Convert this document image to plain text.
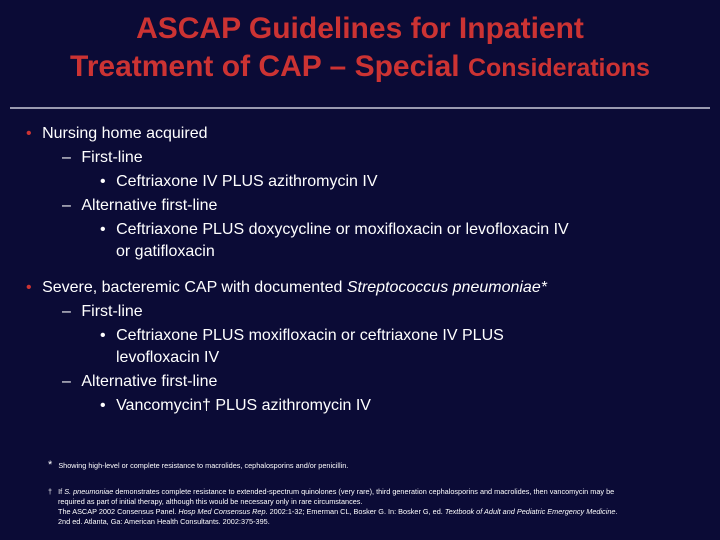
ASCAP Guidelines for Inpatient
Treatment of CAP – Special Considerations
• Nursing home acquired
– First-line
• Ceftriaxone IV PLUS azithromycin IV
– Alternative first-line
• Ceftriaxone PLUS doxycycline or moxifloxacin or levofloxacin IV
or gatifloxacin
• Severe, bacteremic CAP with documented Streptococcus pneumoniae*
– First-line
• Ceftriaxone PLUS moxifloxacin or ceftriaxone IV PLUS
levofloxacin IV
– Alternative first-line
• Vancomycin† PLUS azithromycin IV
* Showing high-level or complete resistance to macrolides, cephalosporins and/or penicillin.
† If S. pneumoniae demonstrates complete resistance to extended-spectrum quinolones (very rare), third generation cephalosporins and macrolides, then vancomycin may be
required as part of initial therapy, although this would be necessary only in rare circumstances.
The ASCAP 2002 Consensus Panel. Hosp Med Consensus Rep. 2002:1-32; Emerman CL, Bosker G. In: Bosker G, ed. Textbook of Adult and Pediatric Emergency Medicine.
2nd ed. Atlanta, Ga: American Health Consultants. 2002:375-395.
